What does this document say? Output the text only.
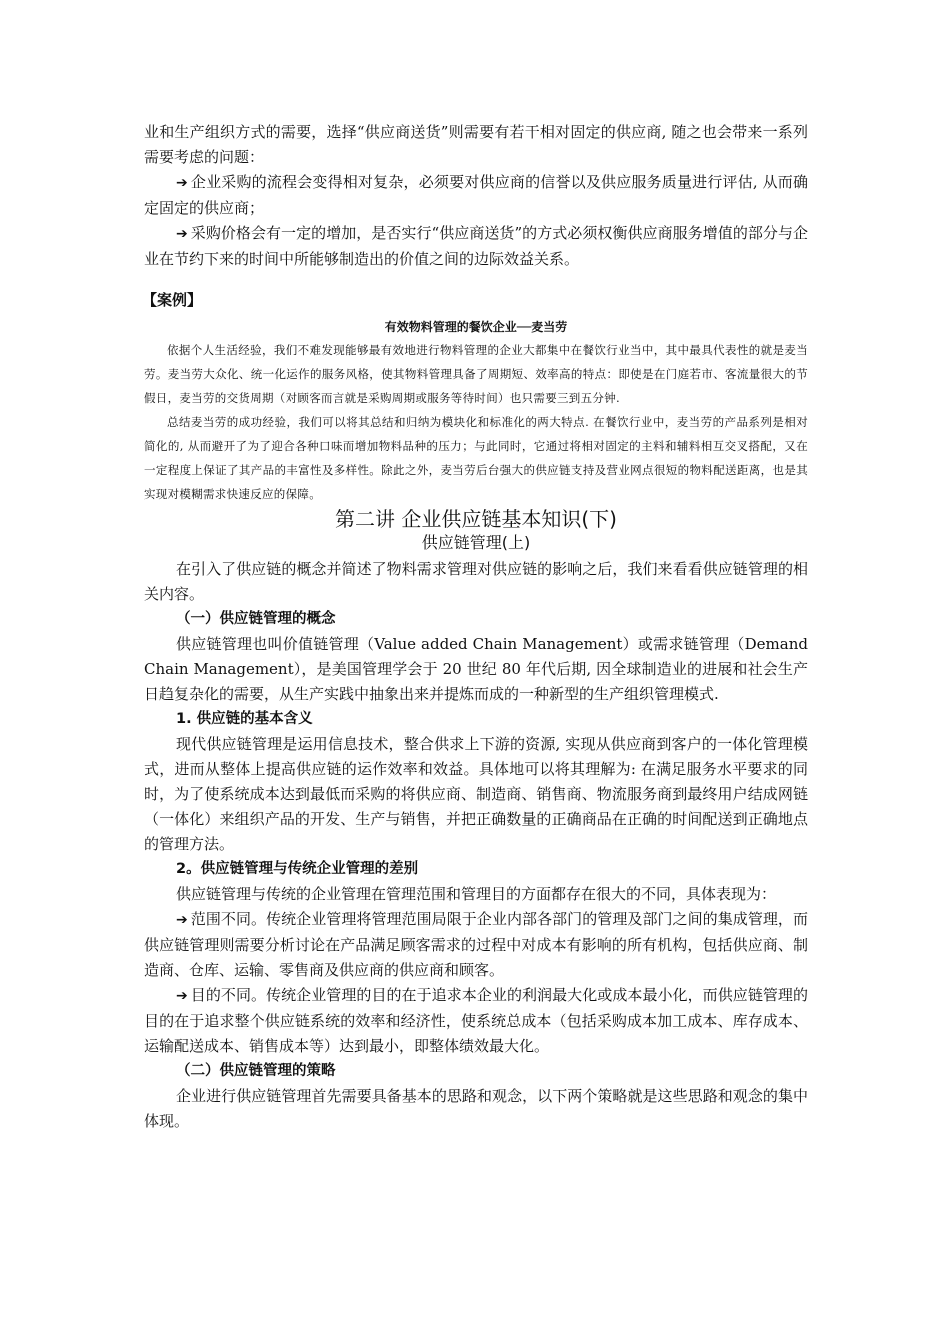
业和生产组织方式的需要，选择“供应商送货”则需要有若干相对固定的供应商, 随之也会带来一系列需要考虑的问题：

➔ 企业采购的流程会变得相对复杂，必须要对供应商的信誉以及供应服务质量进行评估, 从而确定固定的供应商；

➔ 采购价格会有一定的增加，是否实行“供应商送货”的方式必须权衡供应商服务增值的部分与企业在节约下来的时间中所能够制造出的价值之间的边际效益关系。

【案例】

有效物料管理的餐饮企业──麦当劳

依据个人生活经验，我们不难发现能够最有效地进行物料管理的企业大都集中在餐饮行业当中，其中最具代表性的就是麦当劳。麦当劳大众化、统一化运作的服务风格，使其物料管理具备了周期短、效率高的特点：即使是在门庭若市、客流量很大的节假日，麦当劳的交货周期（对顾客而言就是采购周期或服务等待时间）也只需要三到五分钟.

总结麦当劳的成功经验，我们可以将其总结和归纳为模块化和标准化的两大特点. 在餐饮行业中，麦当劳的产品系列是相对简化的, 从而避开了为了迎合各种口味而增加物料品种的压力；与此同时，它通过将相对固定的主料和辅料相互交叉搭配，又在一定程度上保证了其产品的丰富性及多样性。除此之外，麦当劳后台强大的供应链支持及营业网点很短的物料配送距离，也是其实现对模糊需求快速反应的保障。

第二讲 企业供应链基本知识(下)

供应链管理(上)

在引入了供应链的概念并简述了物料需求管理对供应链的影响之后，我们来看看供应链管理的相关内容。

（一）供应链管理的概念

供应链管理也叫价值链管理（Value added Chain Management）或需求链管理（Demand Chain Management），是美国管理学会于 20 世纪 80 年代后期, 因全球制造业的进展和社会生产日趋复杂化的需要，从生产实践中抽象出来并提炼而成的一种新型的生产组织管理模式.

1. 供应链的基本含义

现代供应链管理是运用信息技术，整合供求上下游的资源, 实现从供应商到客户的一体化管理模式，进而从整体上提高供应链的运作效率和效益。具体地可以将其理解为: 在满足服务水平要求的同时，为了使系统成本达到最低而采购的将供应商、制造商、销售商、物流服务商到最终用户结成网链（一体化）来组织产品的开发、生产与销售，并把正确数量的正确商品在正确的时间配送到正确地点的管理方法。

2。供应链管理与传统企业管理的差别

供应链管理与传统的企业管理在管理范围和管理目的方面都存在很大的不同，具体表现为：

➔ 范围不同。传统企业管理将管理范围局限于企业内部各部门的管理及部门之间的集成管理，而供应链管理则需要分析讨论在产品满足顾客需求的过程中对成本有影响的所有机构，包括供应商、制造商、仓库、运输、零售商及供应商的供应商和顾客。

➔ 目的不同。传统企业管理的目的在于追求本企业的利润最大化或成本最小化，而供应链管理的目的在于追求整个供应链系统的效率和经济性，使系统总成本（包括采购成本加工成本、库存成本、运输配送成本、销售成本等）达到最小，即整体绩效最大化。

（二）供应链管理的策略

企业进行供应链管理首先需要具备基本的思路和观念，以下两个策略就是这些思路和观念的集中体现。
